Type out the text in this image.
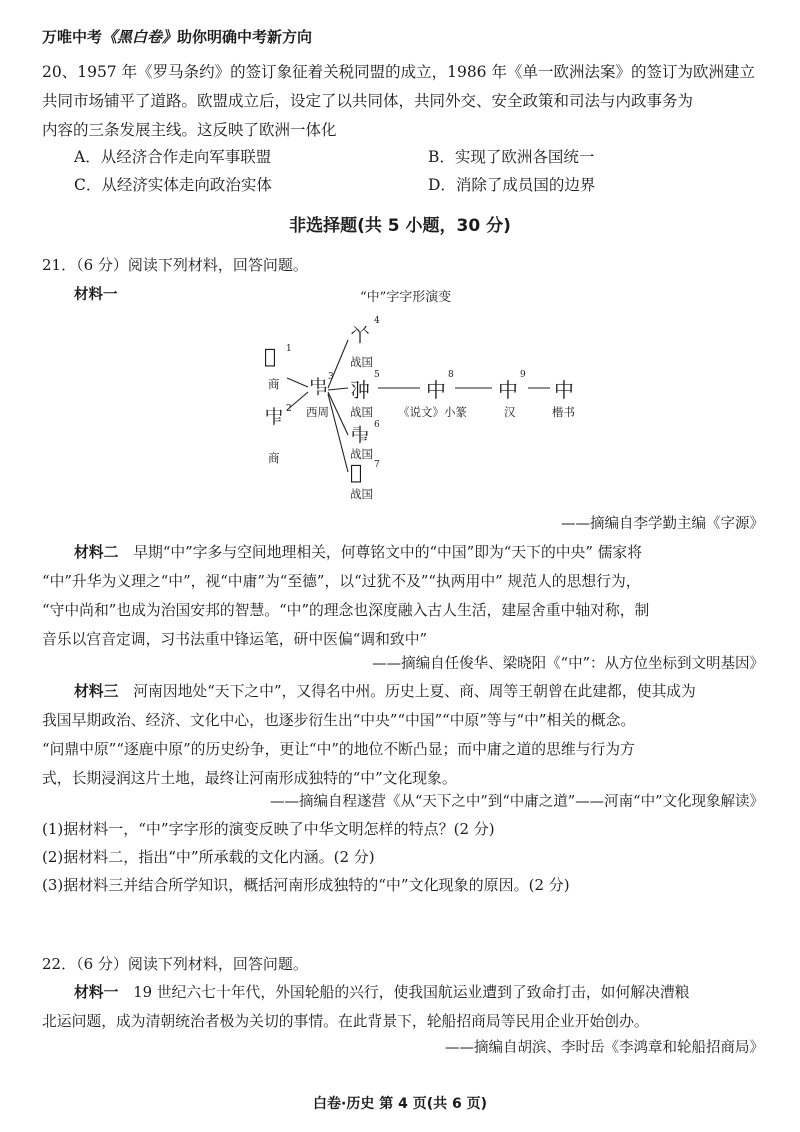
万唯中考《黑白卷》助你明确中考新方向
20、1957 年《罗马条约》的签订象征着关税同盟的成立，1986 年《单一欧洲法案》的签订为欧洲建立
共同市场铺平了道路。欧盟成立后，设定了以共同体，共同外交、安全政策和司法与内政事务为
内容的三条发展主线。这反映了欧洲一体化
A．从经济合作走向军事联盟	B．实现了欧洲各国统一
C．从经济实体走向政治实体	D．消除了成员国的边界
非选择题(共 5 小题，30 分)
21．（6 分）阅读下列材料，回答问题。
材料一	“中”字字形演变
𣥆 1
商
𠁦 2
商
𠁧 3
西周
𠁥
4
战国
𠁨
5
战国
𠁩 6
战国
𠁪 7
战国
中
8
《说文》小篆
中
9
汉
中
楷书
——摘编自李学勤主编《字源》
材料二　 早期“中”字多与空间地理相关，何尊铭文中的“中国”即为“天下的中央” 儒家将
“中”升华为义理之“中”，视“中庸”为“至德”，以“过犹不及”“执两用中” 规范人的思想行为，
“守中尚和”也成为治国安邦的智慧。“中”的理念也深度融入古人生活，建屋舍重中轴对称，制
音乐以宫音定调，习书法重中锋运笔，研中医偏“调和致中”
——摘编自任俊华、梁晓阳《“中”：从方位坐标到文明基因》
材料三　 河南因地处“天下之中”，又得名中州。历史上夏、商、周等王朝曾在此建都，使其成为
我国早期政治、经济、文化中心，也逐步衍生出“中央”“中国”“中原”等与“中”相关的概念。
“问鼎中原”“逐鹿中原”的历史纷争，更让“中”的地位不断凸显；而中庸之道的思维与行为方
式，长期浸润这片土地，最终让河南形成独特的“中”文化现象。
——摘编自程遂营《从“天下之中”到“中庸之道”——河南“中”文化现象解读》
(1)据材料一，“中”字字形的演变反映了中华文明怎样的特点？(2 分)
(2)据材料二，指出“中”所承载的文化内涵。(2 分)
(3)据材料三并结合所学知识，概括河南形成独特的“中”文化现象的原因。(2 分)
22．（6 分）阅读下列材料，回答问题。
材料一　 19 世纪六七十年代，外国轮船的兴行，使我国航运业遭到了致命打击，如何解决漕粮
北运问题，成为清朝统治者极为关切的事情。在此背景下，轮船招商局等民用企业开始创办。
——摘编自胡滨、李时岳《李鸿章和轮船招商局》
白卷·历史 第 4 页(共 6 页)
